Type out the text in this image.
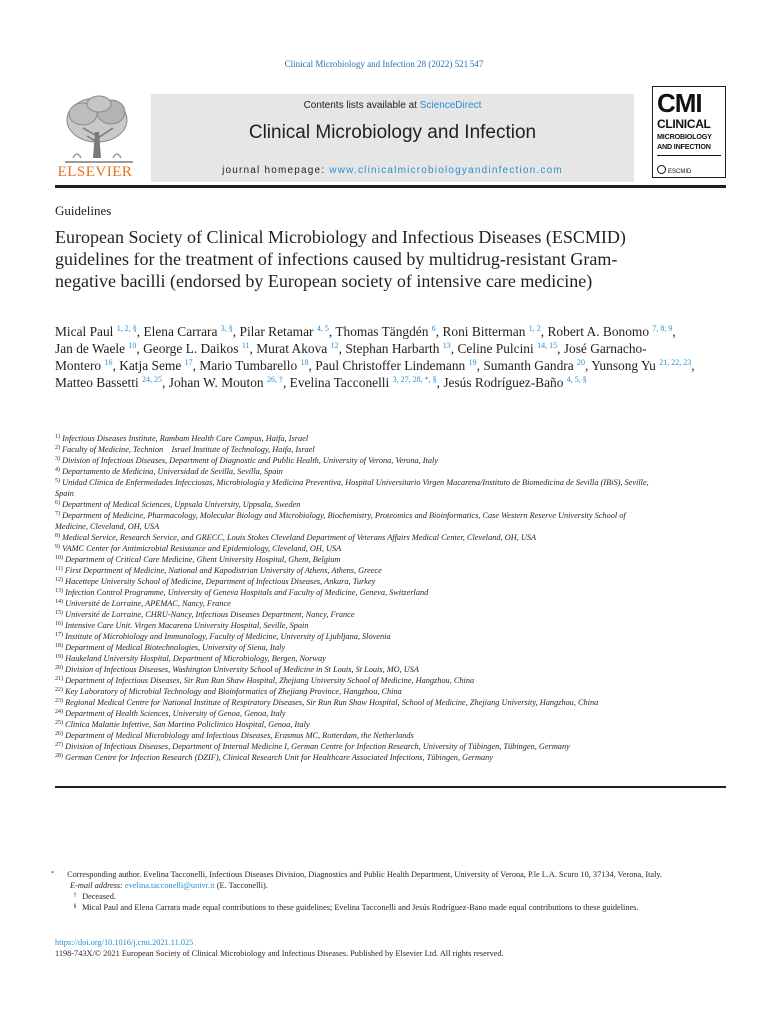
Clinical Microbiology and Infection 28 (2022) 521 547
ELSEVIER
Contents lists available at ScienceDirect
Clinical Microbiology and Infection
journal homepage: www.clinicalmicrobiologyandinfection.com
CMI
CLINICAL
MICROBIOLOGY
AND INFECTION
ESCMID
Guidelines
European Society of Clinical Microbiology and Infectious Diseases (ESCMID) guidelines for the treatment of infections caused by multidrug-resistant Gram-negative bacilli (endorsed by European society of intensive care medicine)
Mical Paul $^{1, 2, \S}$, Elena Carrara $^{3, \S}$, Pilar Retamar $^{4, 5}$, Thomas Tängdén $^6$, Roni Bitterman $^{1, 2}$, Robert A. Bonomo $^{7, 8, 9}$, Jan de Waele $^{10}$, George L. Daikos $^{11}$, Murat Akova $^{12}$, Stephan Harbarth $^{13}$, Celine Pulcini $^{14, 15}$, José Garnacho-Montero $^{16}$, Katja Seme $^{17}$, Mario Tumbarello $^{18}$, Paul Christoffer Lindemann $^{19}$, Sumanth Gandra $^{20}$, Yunsong Yu $^{21, 22, 23}$, Matteo Bassetti $^{24, 25}$, Johan W. Mouton $^{26, \dagger}$, Evelina Tacconelli $^{3, 27, 28, *, \S}$, Jesús Rodríguez-Baño $^{4, 5, \S}$

$^{1)}$ Infectious Diseases Institute, Rambam Health Care Campus, Haifa, Israel

$^{2)}$ Faculty of Medicine, Technion Israel Institute of Technology, Haifa, Israel

$^{3)}$ Division of Infectious Diseases, Department of Diagnostic and Public Health, University of Verona, Verona, Italy

$^{4)}$ Departamento de Medicina, Universidad de Sevilla, Sevilla, Spain

$^{5)}$ Unidad Clínica de Enfermedades Infecciosas, Microbiología y Medicina Preventiva, Hospital Universitario Virgen Macarena/Instituto de Biomedicina de Sevilla (IBiS), Seville, Spain

$^{6)}$ Department of Medical Sciences, Uppsala University, Uppsala, Sweden

$^{7)}$ Department of Medicine, Pharmacology, Molecular Biology and Microbiology, Biochemistry, Proteomics and Bioinformatics, Case Western Reserve University School of Medicine, Cleveland, OH, USA

$^{8)}$ Medical Service, Research Service, and GRECC, Louis Stokes Cleveland Department of Veterans Affairs Medical Center, Cleveland, OH, USA

$^{9)}$ VAMC Center for Antimicrobial Resistance and Epidemiology, Cleveland, OH, USA

$^{10)}$ Department of Critical Care Medicine, Ghent University Hospital, Ghent, Belgium

$^{11)}$ First Department of Medicine, National and Kapodistrian University of Athens, Athens, Greece

$^{12)}$ Hacettepe University School of Medicine, Department of Infectious Diseases, Ankara, Turkey

$^{13)}$ Infection Control Programme, University of Geneva Hospitals and Faculty of Medicine, Geneva, Switzerland

$^{14)}$ Université de Lorraine, APEMAC, Nancy, France

$^{15)}$ Université de Lorraine, CHRU-Nancy, Infectious Diseases Department, Nancy, France

$^{16)}$ Intensive Care Unit. Virgen Macarena University Hospital, Seville, Spain

$^{17)}$ Institute of Microbiology and Immunology, Faculty of Medicine, University of Ljubljana, Slovenia

$^{18)}$ Department of Medical Biotechnologies, University of Siena, Italy

$^{19)}$ Haukeland University Hospital, Department of Microbiology, Bergen, Norway

$^{20)}$ Division of Infectious Diseases, Washington University School of Medicine in St Louis, St Louis, MO, USA

$^{21)}$ Department of Infectious Diseases, Sir Run Run Shaw Hospital, Zhejiang University School of Medicine, Hangzhou, China

$^{22)}$ Key Laboratory of Microbial Technology and Bioinformatics of Zhejiang Province, Hangzhou, China

$^{23)}$ Regional Medical Centre for National Institute of Respiratory Diseases, Sir Run Run Shaw Hospital, School of Medicine, Zhejiang University, Hangzhou, China

$^{24)}$ Department of Health Sciences, University of Genoa, Genoa, Italy

$^{25)}$ Clinica Malattie Infettive, San Martino Policlinico Hospital, Genoa, Italy

$^{26)}$ Department of Medical Microbiology and Infectious Diseases, Erasmus MC, Rotterdam, the Netherlands

$^{27)}$ Division of Infectious Diseases, Department of Internal Medicine I, German Centre for Infection Research, University of Tübingen, Tübingen, Germany

$^{28)}$ German Centre for Infection Research (DZIF), Clinical Research Unit for Healthcare Associated Infections, Tübingen, Germany

* Corresponding author. Evelina Tacconelli, Infectious Diseases Division, Diagnostics and Public Health Department, University of Verona, P.le L.A. Scuro 10, 37134, Verona, Italy.

E-mail address: evelina.tacconelli@univr.it (E. Tacconelli).

† Deceased.

§ Mical Paul and Elena Carrara made equal contributions to these guidelines; Evelina Tacconelli and Jesús Rodríguez-Bano made equal contributions to these guidelines.

https://doi.org/10.1016/j.cmi.2021.11.025
1198-743X/© 2021 European Society of Clinical Microbiology and Infectious Diseases. Published by Elsevier Ltd. All rights reserved.
